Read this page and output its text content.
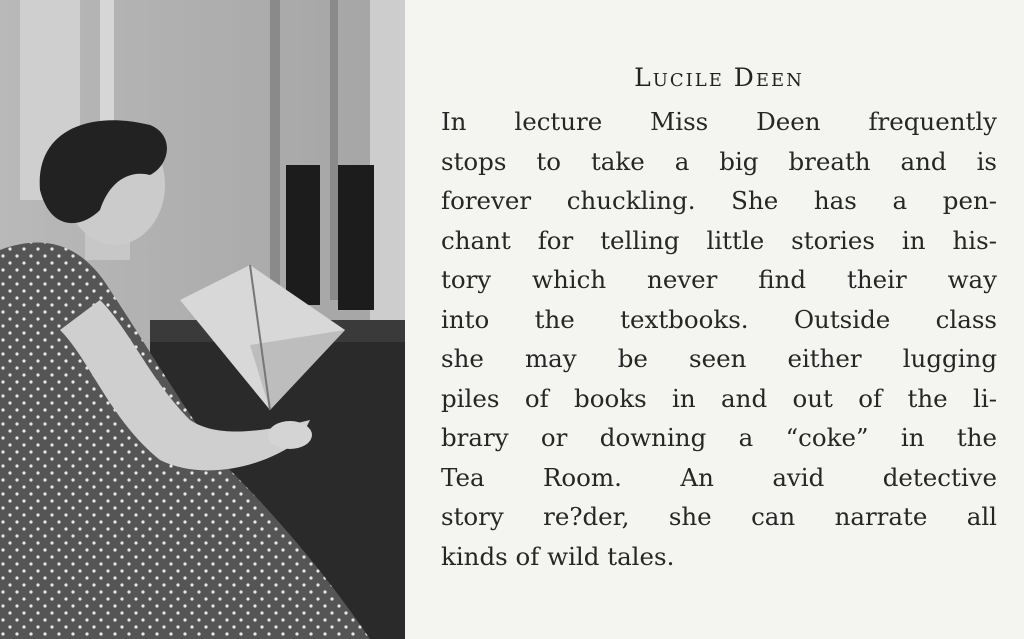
Lucile Deen
In lecture Miss Deen frequently
stops to take a big breath and is
forever chuckling. She has a pen-
chant for telling little stories in his-
tory which never find their way
into the textbooks. Outside class
she may be seen either lugging
piles of books in and out of the li-
brary or downing a “coke” in the
Tea Room. An avid detective
story re?der, she can narrate all
kinds of wild tales.
